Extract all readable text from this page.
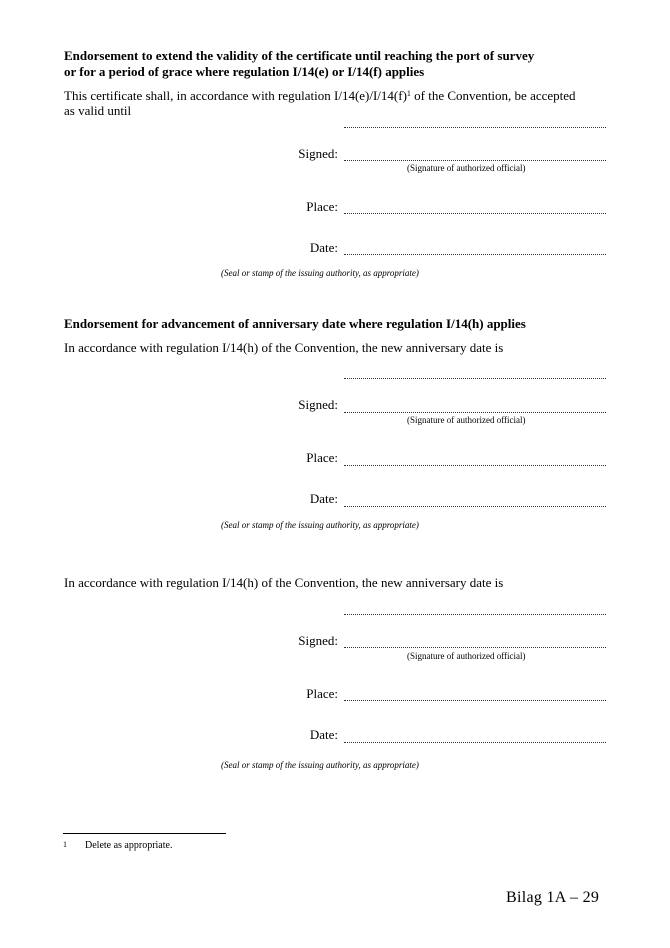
Endorsement to extend the validity of the certificate until reaching the port of survey
or for a period of grace where regulation I/14(e) or I/14(f) applies
This certificate shall, in accordance with regulation $I/14(e)/I/14(f)^1$ of the Convention, be accepted
as valid until
Signed:
(Signature of authorized official)
Place:
Date:
(Seal or stamp of the issuing authority, as appropriate)
Endorsement for advancement of anniversary date where regulation I/14(h) applies
In accordance with regulation I/14(h) of the Convention, the new anniversary date is
Signed:
(Signature of authorized official)
Place:
Date:
(Seal or stamp of the issuing authority, as appropriate)
In accordance with regulation I/14(h) of the Convention, the new anniversary date is
Signed:
(Signature of authorized official)
Place:
Date:
(Seal or stamp of the issuing authority, as appropriate)
$^1$ Delete as appropriate.
Bilag 1A – 29
